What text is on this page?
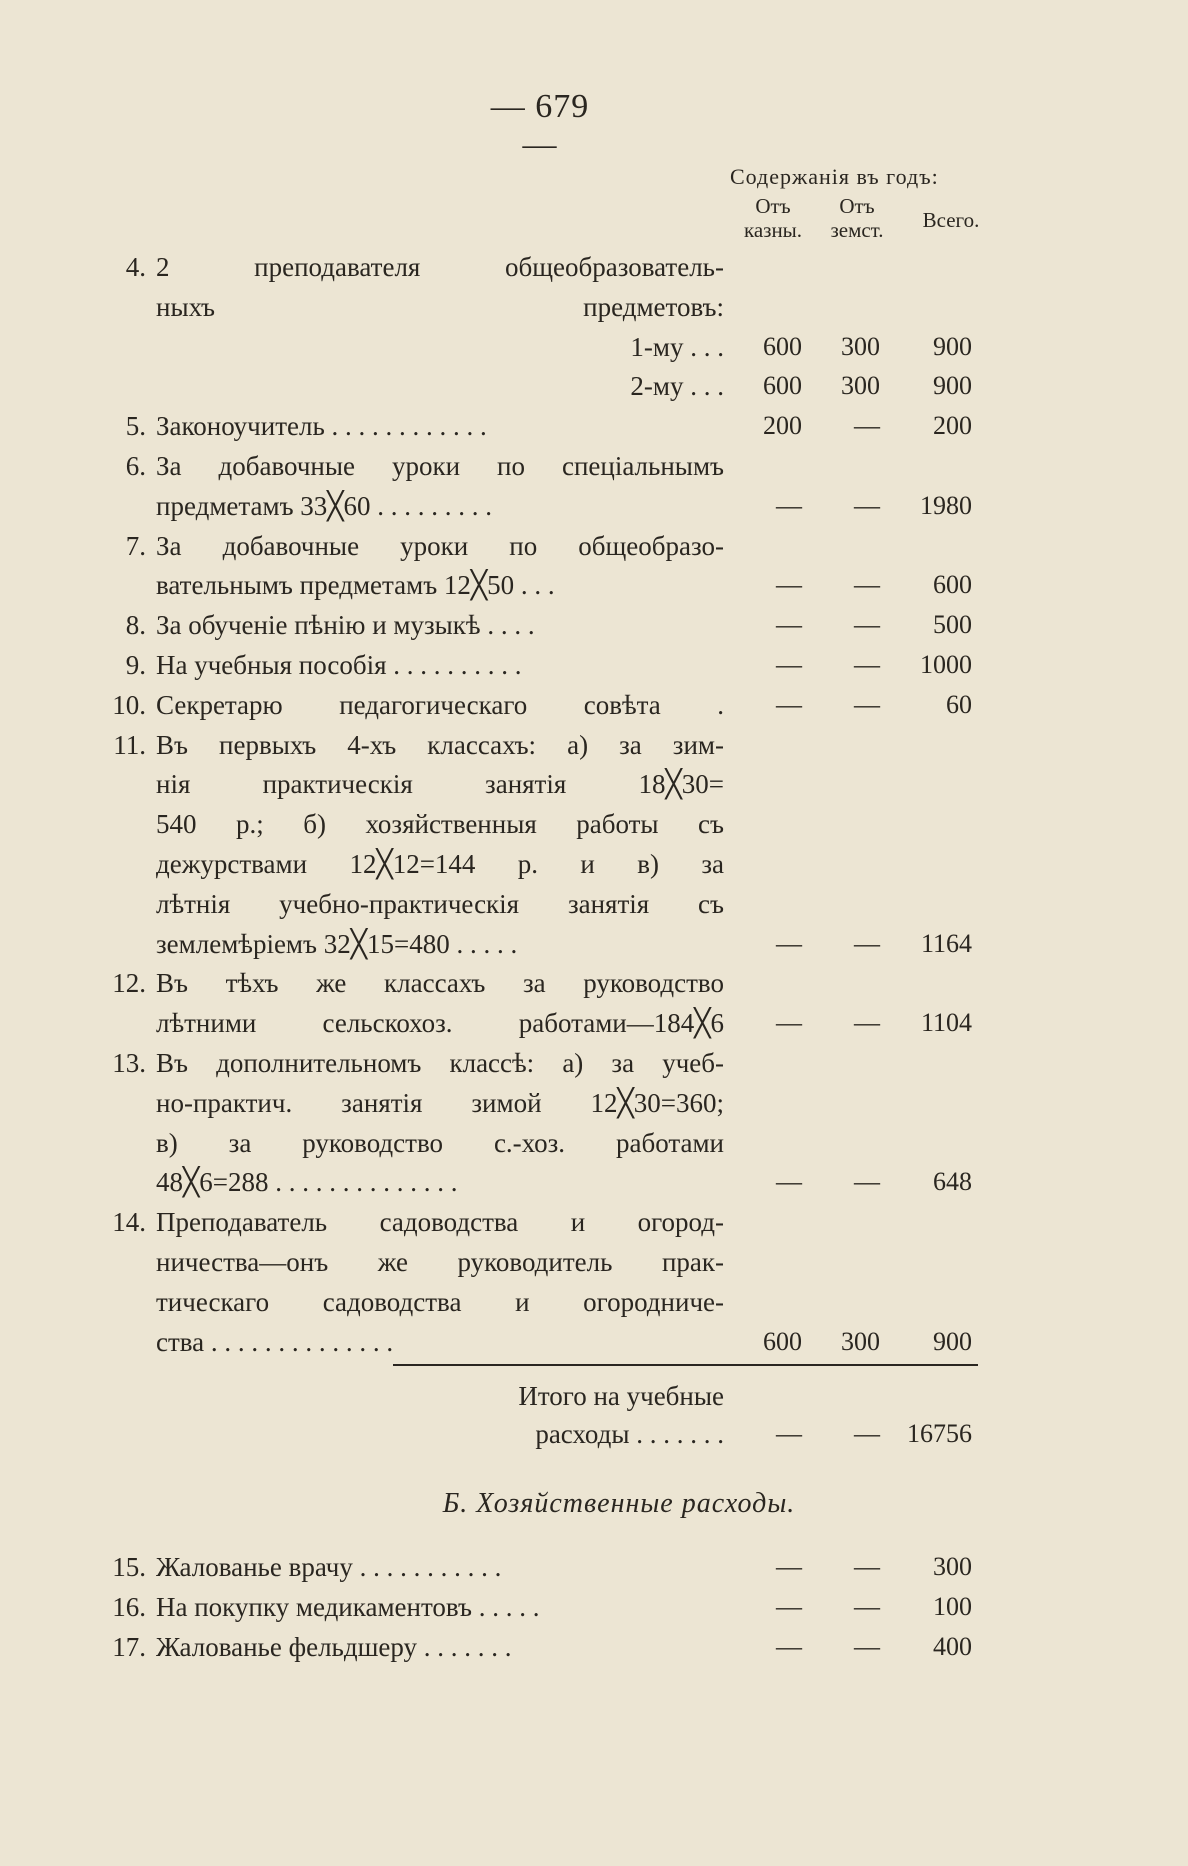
— 679 —
Содержанія въ годъ:
Отъ казны.
Отъ земст.	Всего.
4. 2 преподавателя общеобразователь-
ныхъ предметовъ:
1-му . . .	600	300	900
2-му . . .	600	300	900
5. Законоучитель . . . . . . . . . . . .	200	—	200
6. За добавочные уроки по спеціальнымъ
предметамъ 33╳60 . . . . . . . . .	—	—	1980
7. За добавочные уроки по общеобразо-
вательнымъ предметамъ 12╳50 . . .	—	—	600
8. За обученіе пѣнію и музыкѣ . . . .	—	—	500
9. На учебныя пособія . . . . . . . . . .	—	—	1000
10. Секретарю педагогическаго совѣта .	—	—	60
11. Въ первыхъ 4-хъ классахъ: а) за зим-
нія практическія занятія 18╳30=
540 р.; б) хозяйственныя работы съ
дежурствами 12╳12=144 р. и в) за
лѣтнія учебно-практическія занятія съ
землемѣріемъ 32╳15=480 . . . . .	—	—	1164
12. Въ тѣхъ же классахъ за руководство
лѣтними сельскохоз. работами—184╳6	—	—	1104
13. Въ дополнительномъ классѣ: а) за учеб-
но-практич. занятія зимой 12╳30=360;
в) за руководство с.-хоз. работами
48╳6=288 . . . . . . . . . . . . . .	—	—	648
14. Преподаватель садоводства и огород-
ничества—онъ же руководитель прак-
тическаго садоводства и огородниче-
ства . . . . . . . . . . . . . .	600	300	900
Итого на учебные
расходы . . . . . . .	—	—	16756
Б. Хозяйственные расходы.
15. Жалованье врачу . . . . . . . . . . .	—	—	300
16. На покупку медикаментовъ . . . . .	—	—	100
17. Жалованье фельдшеру . . . . . . .	—	—	400
